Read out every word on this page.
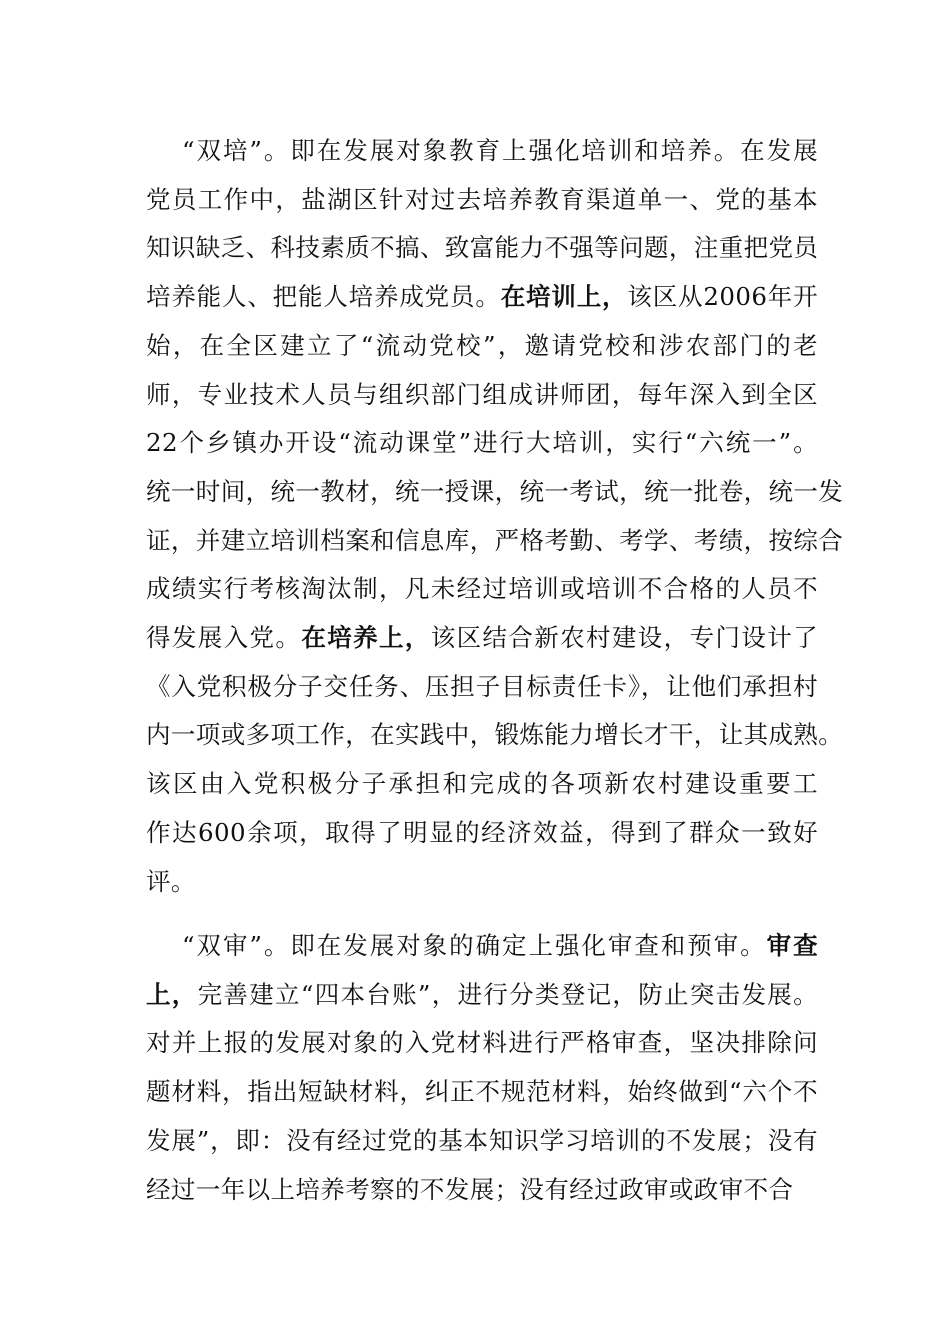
“双培”。即在发展对象教育上强化培训和培养。在发展
党员工作中，盐湖区针对过去培养教育渠道单一、党的基本
知识缺乏、科技素质不搞、致富能力不强等问题，注重把党员
培养能人、把能人培养成党员。在培训上，该区从2006年开
始，在全区建立了“流动党校”，邀请党校和涉农部门的老
师，专业技术人员与组织部门组成讲师团，每年深入到全区
22个乡镇办开设“流动课堂”进行大培训，实行“六统一”。
统一时间，统一教材，统一授课，统一考试，统一批卷，统一发
证，并建立培训档案和信息库，严格考勤、考学、考绩，按综合
成绩实行考核淘汰制，凡未经过培训或培训不合格的人员不
得发展入党。在培养上，该区结合新农村建设，专门设计了
《入党积极分子交任务、压担子目标责任卡》，让他们承担村
内一项或多项工作，在实践中，锻炼能力增长才干，让其成熟。
该区由入党积极分子承担和完成的各项新农村建设重要工
作达600余项，取得了明显的经济效益，得到了群众一致好
评。
“双审”。即在发展对象的确定上强化审查和预审。审查
上，完善建立“四本台账”，进行分类登记，防止突击发展。
对并上报的发展对象的入党材料进行严格审查，坚决排除问
题材料，指出短缺材料，纠正不规范材料，始终做到“六个不
发展”，即：没有经过党的基本知识学习培训的不发展；没有
经过一年以上培养考察的不发展；没有经过政审或政审不合
